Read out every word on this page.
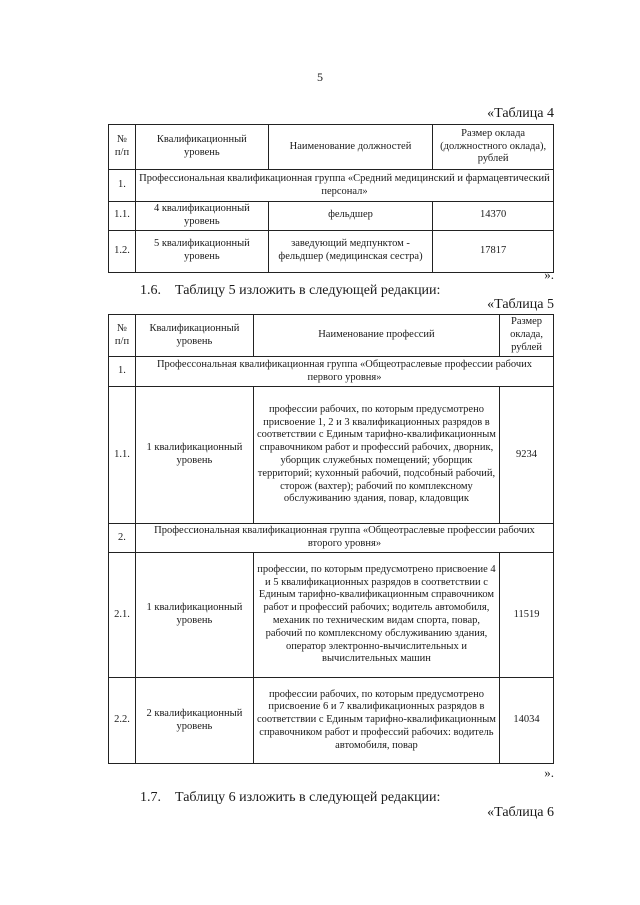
5
«Таблица 4
№ п/п	Квалификационный уровень	Наименование должностей	Размер оклада (должностного оклада), рублей
1.	Профессиональная квалификационная группа «Средний медицинский и фармацевтический персонал»		
1.1.	4 квалификационный уровень	фельдшер	14370
1.2.	5 квалификационный уровень	заведующий медпунктом - фельдшер (медицинская сестра)	17817
».
1.6. Таблицу 5 изложить в следующей редакции:
«Таблица 5
№ п/п	Квалификационный уровень	Наименование профессий	Размер оклада, рублей
1.	Профессональная квалификационная группа «Общеотраслевые профессии рабочих первого уровня»		
1.1.	1 квалификационный уровень	профессии рабочих, по которым предусмотрено присвоение 1, 2 и 3 квалификационных разрядов в соответствии с Единым тарифно-квалификационным справочником работ и профессий рабочих, дворник, уборщик служебных помещений; уборщик территорий; кухонный рабочий, подсобный рабочий, сторож (вахтер); рабочий по комплексному обслуживанию здания, повар, кладовщик	9234
2.	Профессиональная квалификационная группа «Общеотраслевые профессии рабочих второго уровня»		
2.1.	1 квалификационный уровень	профессии, по которым предусмотрено присвоение 4 и 5 квалификационных разрядов в соответствии с Единым тарифно-квалификационным справочником работ и профессий рабочих; водитель автомобиля, механик по техническим видам спорта, повар, рабочий по комплексному обслуживанию здания, оператор электронно-вычислительных и вычислительных машин	11519
2.2.	2 квалификационный уровень	профессии рабочих, по которым предусмотрено присвоение 6 и 7 квалификационных разрядов в соответствии с Единым тарифно-квалификационным справочником работ и профессий рабочих: водитель автомобиля, повар	14034
».
1.7. Таблицу 6 изложить в следующей редакции:
«Таблица 6
